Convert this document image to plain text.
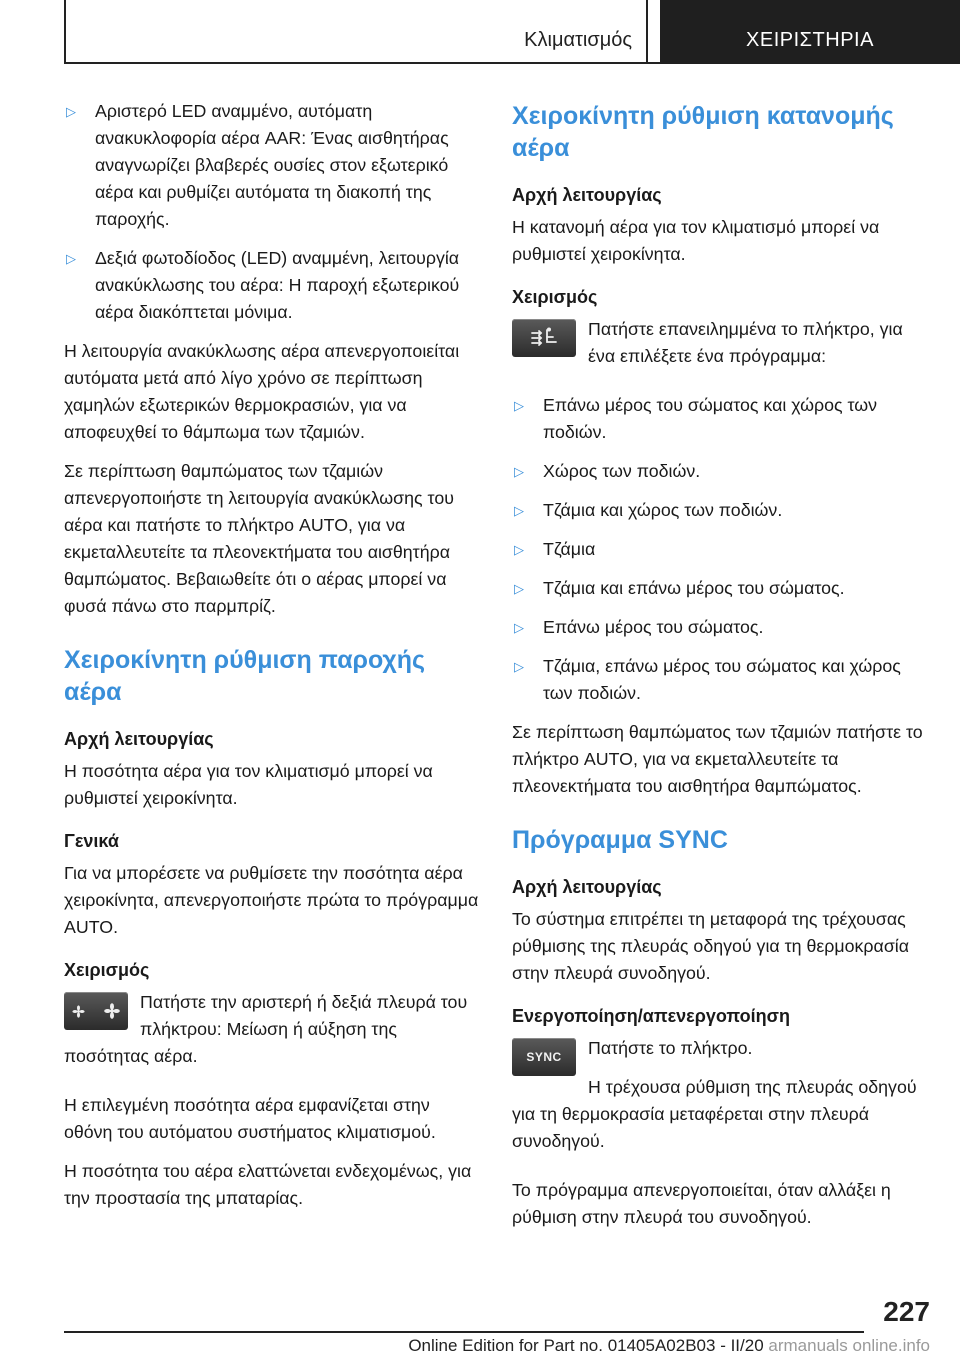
Κλιματισμός	ΧΕΙΡΙΣΤΗΡΙΑ
▷ Αριστερό LED αναμμένο, αυτόματη ανακυκλοφορία αέρα AAR: Ένας αισθητήρας αναγνωρίζει βλαβερές ουσίες στον εξωτερικό αέρα και ρυθμίζει αυτόματα τη διακοπή της παροχής.

▷ Δεξιά φωτοδίοδος (LED) αναμμένη, λειτουργία ανακύκλωσης του αέρα: Η παροχή εξωτερικού αέρα διακόπτεται μόνιμα.

Η λειτουργία ανακύκλωσης αέρα απενεργοποιείται αυτόματα μετά από λίγο χρόνο σε περίπτωση χαμηλών εξωτερικών θερμοκρασιών, για να αποφευχθεί το θάμπωμα των τζαμιών.

Σε περίπτωση θαμπώματος των τζαμιών απενεργοποιήστε τη λειτουργία ανακύκλωσης του αέρα και πατήστε το πλήκτρο AUTO, για να εκμεταλλευτείτε τα πλεονεκτήματα του αισθητήρα θαμπώματος. Βεβαιωθείτε ότι ο αέρας μπορεί να φυσά πάνω στο παρμπρίζ.

Χειροκίνητη ρύθμιση παροχής αέρα
Αρχή λειτουργίας

Η ποσότητα αέρα για τον κλιματισμό μπορεί να ρυθμιστεί χειροκίνητα.

Γενικά

Για να μπορέσετε να ρυθμίσετε την ποσότητα αέρα χειροκίνητα, απενεργοποιήστε πρώτα το πρόγραμμα AUTO.

Χειρισμός

Πατήστε την αριστερή ή δεξιά πλευρά του πλήκτρου: Μείωση ή αύξηση της ποσότητας αέρα.

Η επιλεγμένη ποσότητα αέρα εμφανίζεται στην οθόνη του αυτόματου συστήματος κλιματισμού.

Η ποσότητα του αέρα ελαττώνεται ενδεχομένως, για την προστασία της μπαταρίας.

Χειροκίνητη ρύθμιση κατανομής αέρα
Αρχή λειτουργίας

Η κατανομή αέρα για τον κλιματισμό μπορεί να ρυθμιστεί χειροκίνητα.

Χειρισμός

Πατήστε επανειλημμένα το πλήκτρο, για ένα επιλέξετε ένα πρόγραμμα:

▷ Επάνω μέρος του σώματος και χώρος των ποδιών.

▷ Χώρος των ποδιών.

▷ Τζάμια και χώρος των ποδιών.

▷ Τζάμια

▷ Τζάμια και επάνω μέρος του σώματος.

▷ Επάνω μέρος του σώματος.

▷ Τζάμια, επάνω μέρος του σώματος και χώρος των ποδιών.

Σε περίπτωση θαμπώματος των τζαμιών πατήστε το πλήκτρο AUTO, για να εκμεταλλευτείτε τα πλεονεκτήματα του αισθητήρα θαμπώματος.

Πρόγραμμα SYNC
Αρχή λειτουργίας

Το σύστημα επιτρέπει τη μεταφορά της τρέχουσας ρύθμισης της πλευράς οδηγού για τη θερμοκρασία στην πλευρά συνοδηγού.

Ενεργοποίηση/απενεργοποίηση
SYNC	Πατήστε το πλήκτρο.

Η τρέχουσα ρύθμιση της πλευράς οδηγού για τη θερμοκρασία μεταφέρεται στην πλευρά συνοδηγού.

Το πρόγραμμα απενεργοποιείται, όταν αλλάξει η ρύθμιση στην πλευρά του συνοδηγού.

227
Online Edition for Part no. 01405A02B03 - II/20 armanuals online.info
